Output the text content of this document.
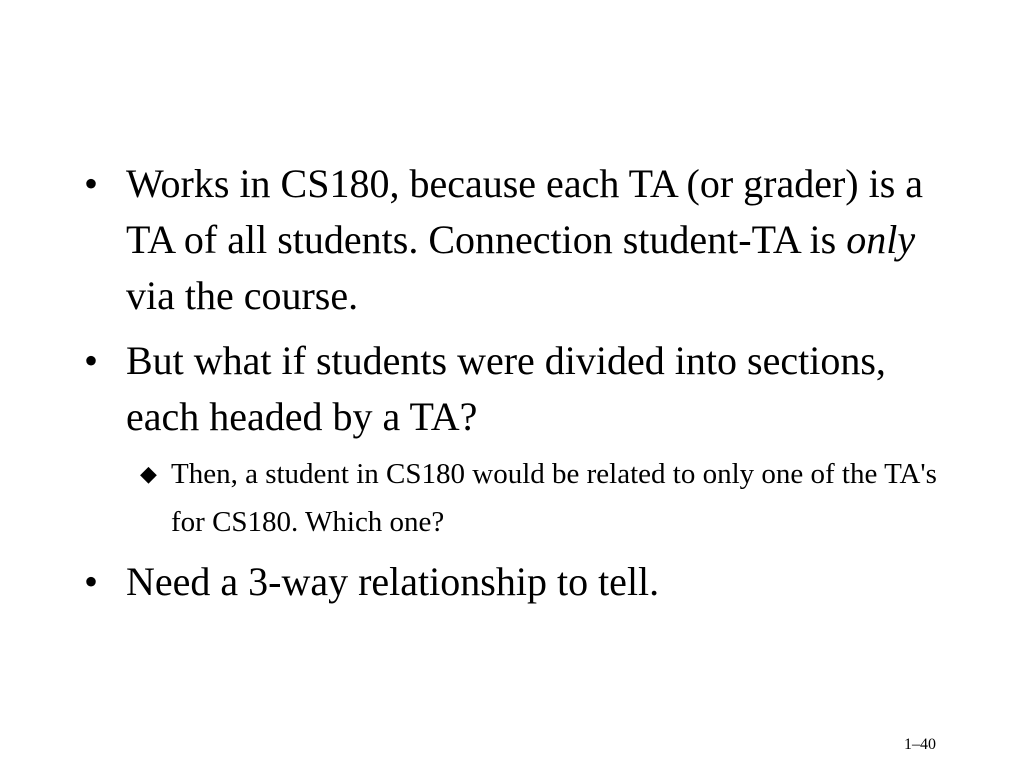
• Works in CS180, because each TA (or grader) is a TA of all students. Connection student-TA is only via the course.
• But what if students were divided into sections, each headed by a TA?
◆ Then, a student in CS180 would be related to only one of the TA's for CS180. Which one?
• Need a 3-way relationship to tell.
1–40
